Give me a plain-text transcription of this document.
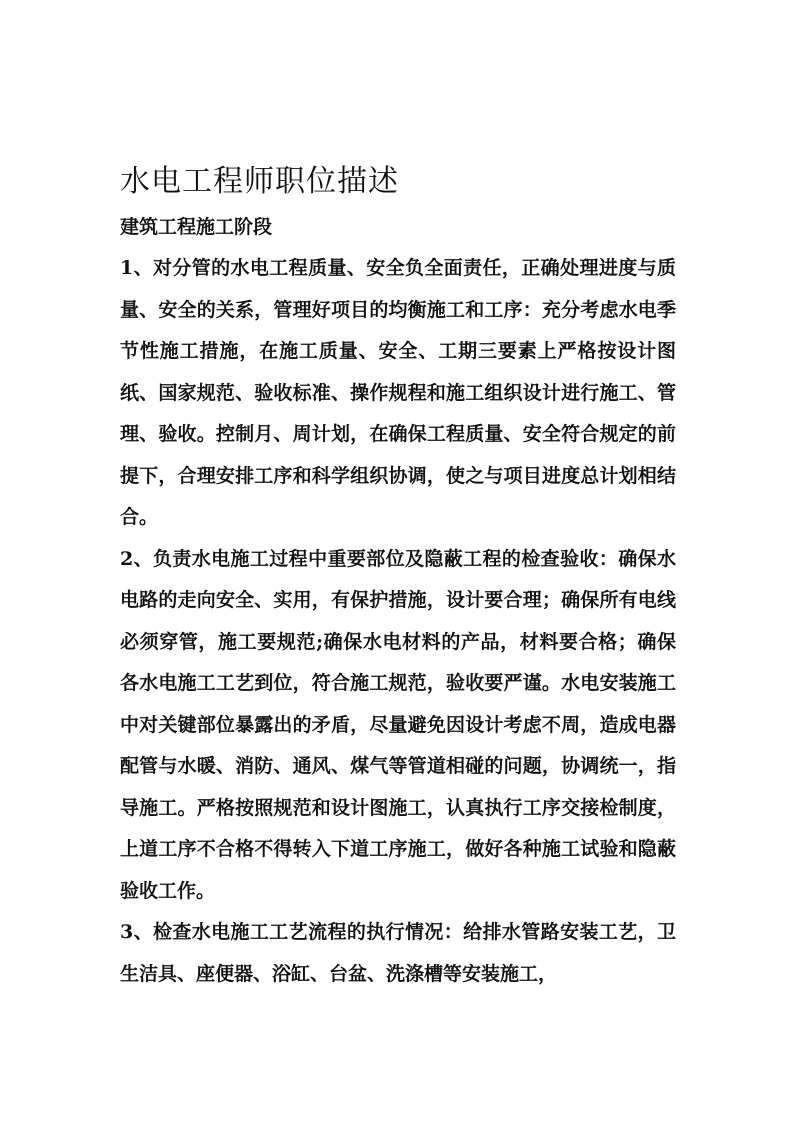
水电工程师职位描述
建筑工程施工阶段

1、对分管的水电工程质量、安全负全面责任，正确处理进度与质量、安全的关系，管理好项目的均衡施工和工序：充分考虑水电季节性施工措施，在施工质量、安全、工期三要素上严格按设计图纸、国家规范、验收标准、操作规程和施工组织设计进行施工、管理、验收。控制月、周计划，在确保工程质量、安全符合规定的前提下，合理安排工序和科学组织协调，使之与项目进度总计划相结合。

2、负责水电施工过程中重要部位及隐蔽工程的检查验收：确保水电路的走向安全、实用，有保护措施，设计要合理；确保所有电线必须穿管，施工要规范;确保水电材料的产品，材料要合格；确保各水电施工工艺到位，符合施工规范，验收要严谨。水电安装施工中对关键部位暴露出的矛盾，尽量避免因设计考虑不周，造成电器配管与水暖、消防、通风、煤气等管道相碰的问题，协调统一，指导施工。严格按照规范和设计图施工，认真执行工序交接检制度，上道工序不合格不得转入下道工序施工，做好各种施工试验和隐蔽验收工作。

3、检查水电施工工艺流程的执行情况：给排水管路安装工艺，卫生洁具、座便器、浴缸、台盆、洗涤槽等安装施工，
